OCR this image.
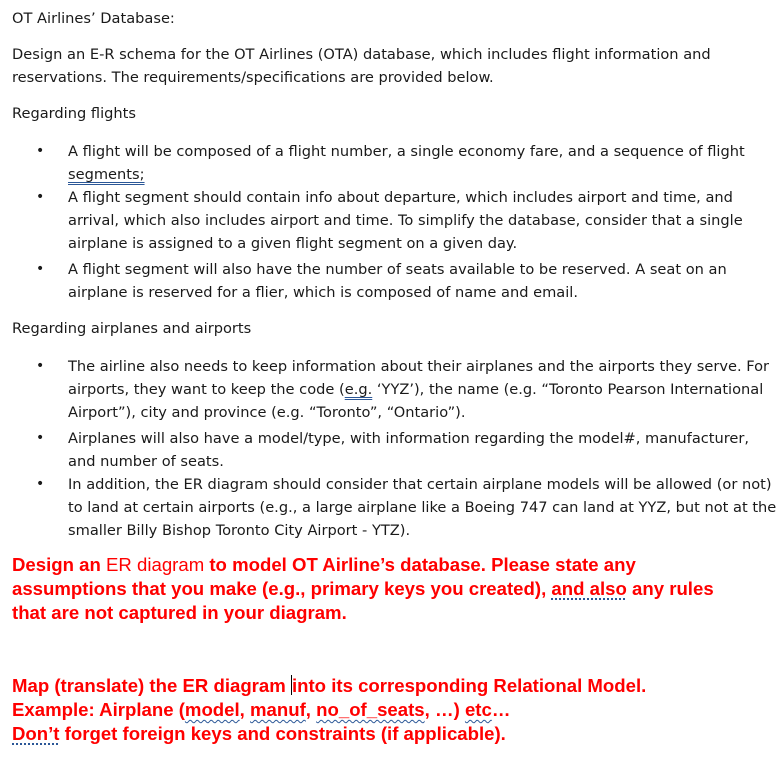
OT Airlines’ Database:

Design an E-R schema for the OT Airlines (OTA) database, which includes flight information and

reservations. The requirements/specifications are provided below.

Regarding flights

• A flight will be composed of a flight number, a single economy fare, and a sequence of flight

segments;

• A flight segment should contain info about departure, which includes airport and time, and

arrival, which also includes airport and time. To simplify the database, consider that a single

airplane is assigned to a given flight segment on a given day.

• A flight segment will also have the number of seats available to be reserved. A seat on an

airplane is reserved for a flier, which is composed of name and email.

Regarding airplanes and airports

• The airline also needs to keep information about their airplanes and the airports they serve. For

airports, they want to keep the code (e.g. ‘YYZ’), the name (e.g. “Toronto Pearson International

Airport”), city and province (e.g. “Toronto”, “Ontario”).

• Airplanes will also have a model/type, with information regarding the model#, manufacturer,

and number of seats.

• In addition, the ER diagram should consider that certain airplane models will be allowed (or not)

to land at certain airports (e.g., a large airplane like a Boeing 747 can land at YYZ, but not at the

smaller Billy Bishop Toronto City Airport - YTZ).

Design an ER diagram to model OT Airline’s database. Please state any

assumptions that you make (e.g., primary keys you created), and also any rules

that are not captured in your diagram.

Map (translate) the ER diagram into its corresponding Relational Model.

Example: Airplane (model, manuf, no_of_seats, …) etc…

Don’t forget foreign keys and constraints (if applicable).
